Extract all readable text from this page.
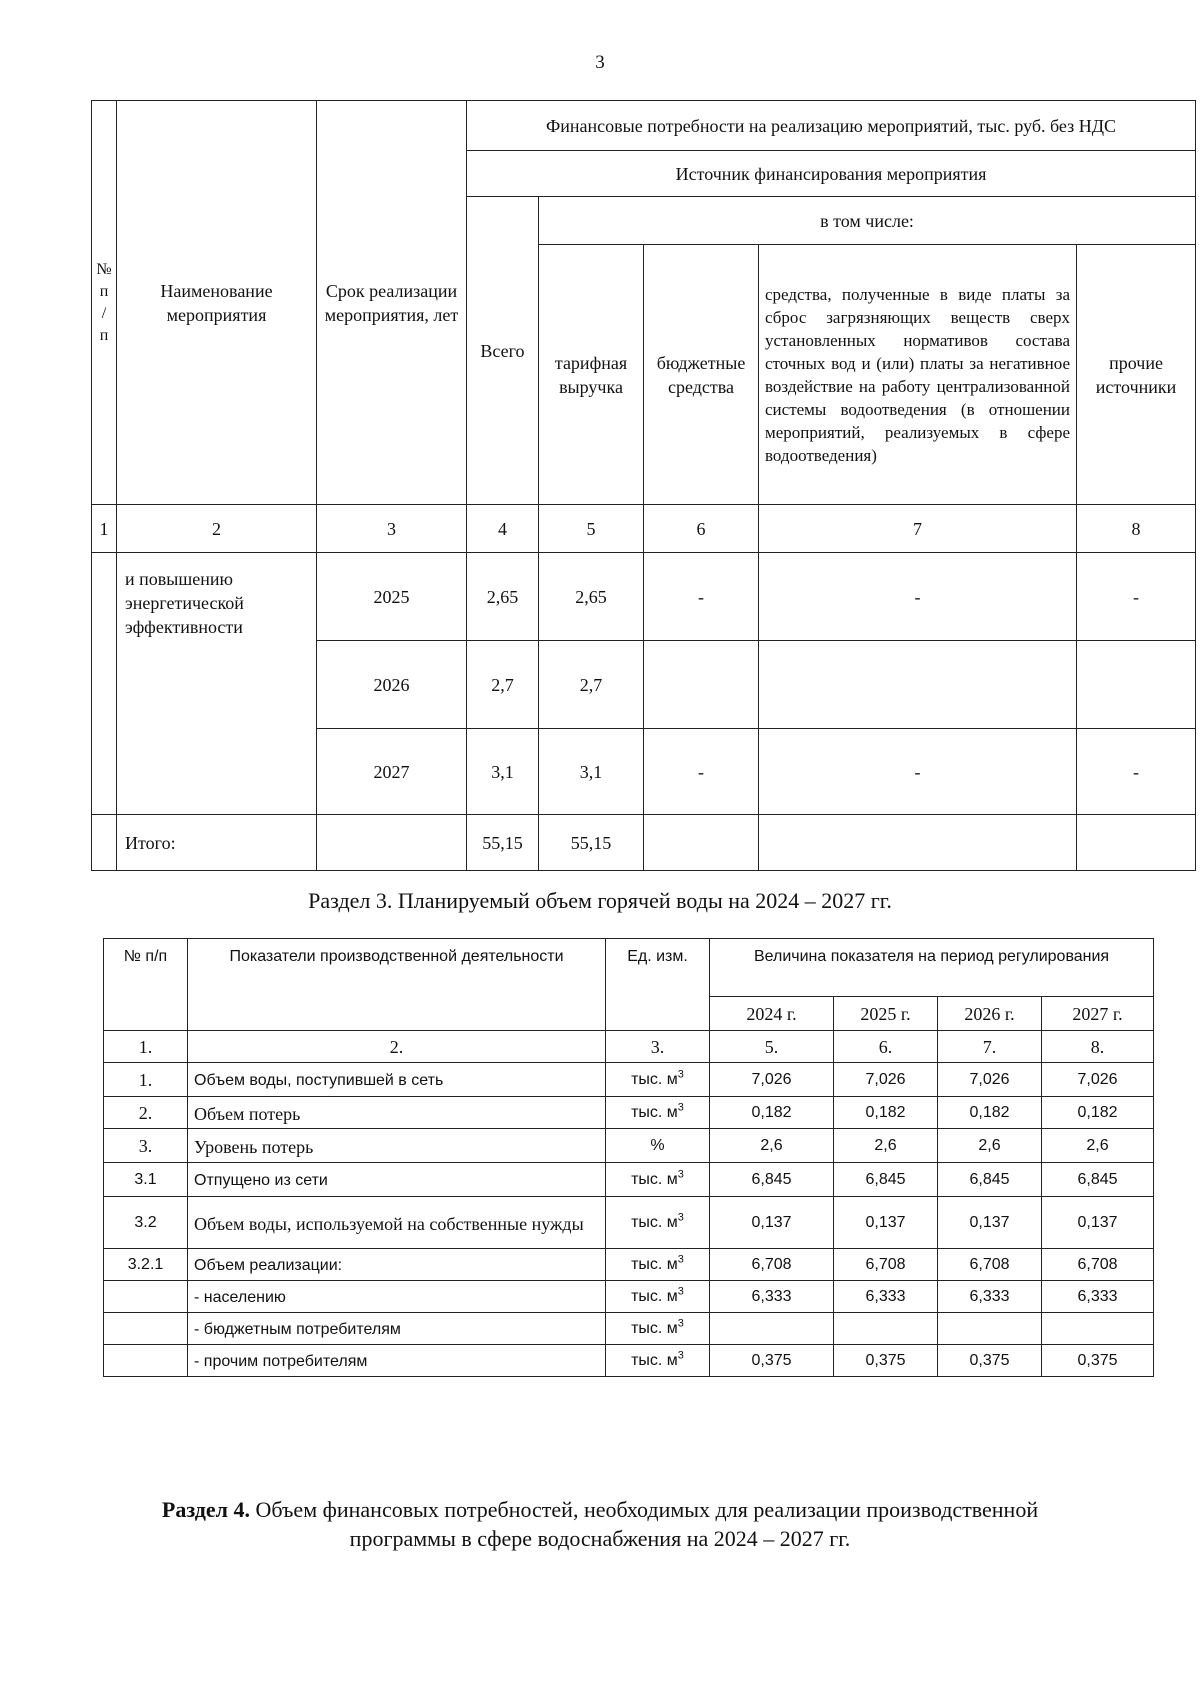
3
№
п
/
п	Наименование мероприятия	Срок реализации мероприятия, лет	Финансовые потребности на реализацию мероприятий, тыс. руб. без НДС				
			Источник финансирования мероприятия				
			Всего	в том числе:			
				тарифная выручка	бюджетные средства	средства, полученные в виде платы за сброс загрязняющих веществ сверх установленных нормативов состава сточных вод и (или) платы за негативное воздействие на работу централизованной системы водоотведения (в отношении мероприятий, реализуемых в сфере водоотведения)	прочие источники
1	2	3	4	5	6	7	8
	и повышению энергетической эффективности	2025	2,65	2,65	-	-	-
		2026	2,7	2,7			
		2027	3,1	3,1	-	-	-
	Итого:		55,15	55,15			
Раздел 3. Планируемый объем горячей воды на 2024 – 2027 гг.
№ п/п	Показатели производственной деятельности	Ед. изм.	Величина показателя на период регулирования			
			2024 г.	2025 г.	2026 г.	2027 г.
1.	2.	3.	5.	6.	7.	8.
1.	Объем воды, поступившей в сеть	тыс. $м^3$	7,026	7,026	7,026	7,026
2.	Объем потерь	тыс. $м^3$	0,182	0,182	0,182	0,182
3.	Уровень потерь	%	2,6	2,6	2,6	2,6
3.1	Отпущено из сети	тыс. $м^3$	6,845	6,845	6,845	6,845
3.2	Объем воды, используемой на собственные нужды	тыс. $м^3$	0,137	0,137	0,137	0,137
3.2.1	Объем реализации:	тыс. $м^3$	6,708	6,708	6,708	6,708
	- населению	тыс. $м^3$	6,333	6,333	6,333	6,333
	- бюджетным потребителям	тыс. $м^3$				
	- прочим потребителям	тыс. $м^3$	0,375	0,375	0,375	0,375
Раздел 4. Объем финансовых потребностей, необходимых для реализации производственной
программы в сфере водоснабжения на 2024 – 2027 гг.
